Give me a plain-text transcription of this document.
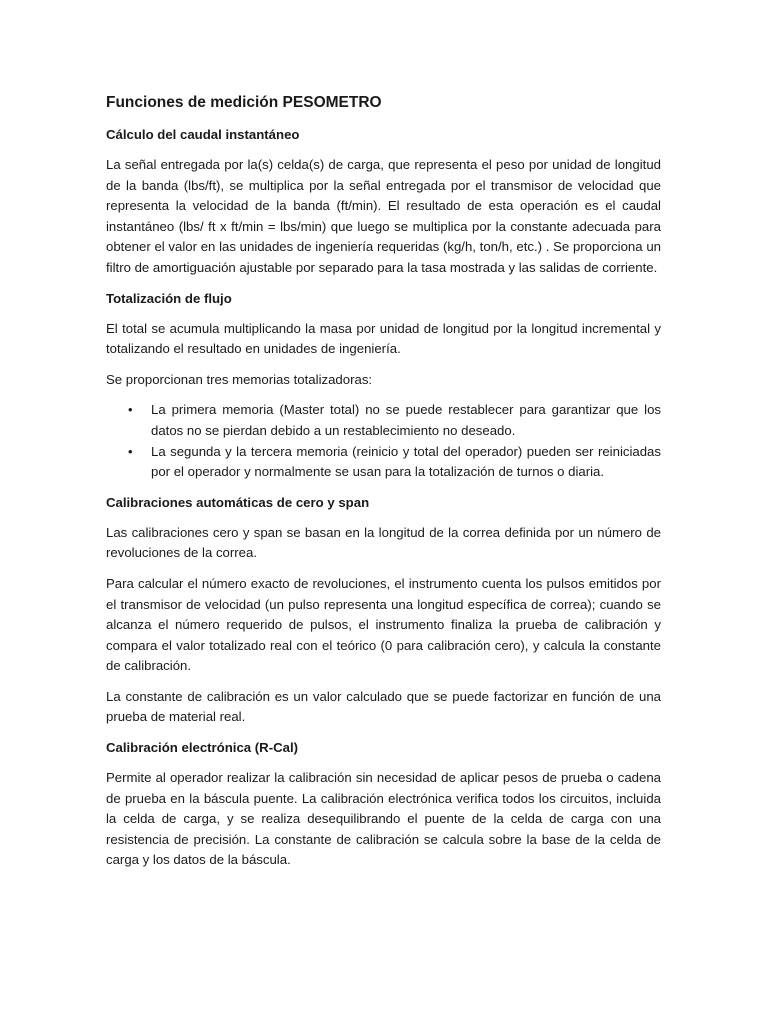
Funciones de medición PESOMETRO
Cálculo del caudal instantáneo

La señal entregada por la(s) celda(s) de carga, que representa el peso por unidad de longitud de la banda (lbs/ft), se multiplica por la señal entregada por el transmisor de velocidad que representa la velocidad de la banda (ft/min). El resultado de esta operación es el caudal instantáneo (lbs/ ft x ft/min = lbs/min) que luego se multiplica por la constante adecuada para obtener el valor en las unidades de ingeniería requeridas (kg/h, ton/h, etc.) . Se proporciona un filtro de amortiguación ajustable por separado para la tasa mostrada y las salidas de corriente.

Totalización de flujo

El total se acumula multiplicando la masa por unidad de longitud por la longitud incremental y totalizando el resultado en unidades de ingeniería.

Se proporcionan tres memorias totalizadoras:

• La primera memoria (Master total) no se puede restablecer para garantizar que los datos no se pierdan debido a un restablecimiento no deseado.
• La segunda y la tercera memoria (reinicio y total del operador) pueden ser reiniciadas por el operador y normalmente se usan para la totalización de turnos o diaria.
Calibraciones automáticas de cero y span

Las calibraciones cero y span se basan en la longitud de la correa definida por un número de revoluciones de la correa.

Para calcular el número exacto de revoluciones, el instrumento cuenta los pulsos emitidos por el transmisor de velocidad (un pulso representa una longitud específica de correa); cuando se alcanza el número requerido de pulsos, el instrumento finaliza la prueba de calibración y compara el valor totalizado real con el teórico (0 para calibración cero), y calcula la constante de calibración.

La constante de calibración es un valor calculado que se puede factorizar en función de una prueba de material real.

Calibración electrónica (R-Cal)

Permite al operador realizar la calibración sin necesidad de aplicar pesos de prueba o cadena de prueba en la báscula puente. La calibración electrónica verifica todos los circuitos, incluida la celda de carga, y se realiza desequilibrando el puente de la celda de carga con una resistencia de precisión. La constante de calibración se calcula sobre la base de la celda de carga y los datos de la báscula.
